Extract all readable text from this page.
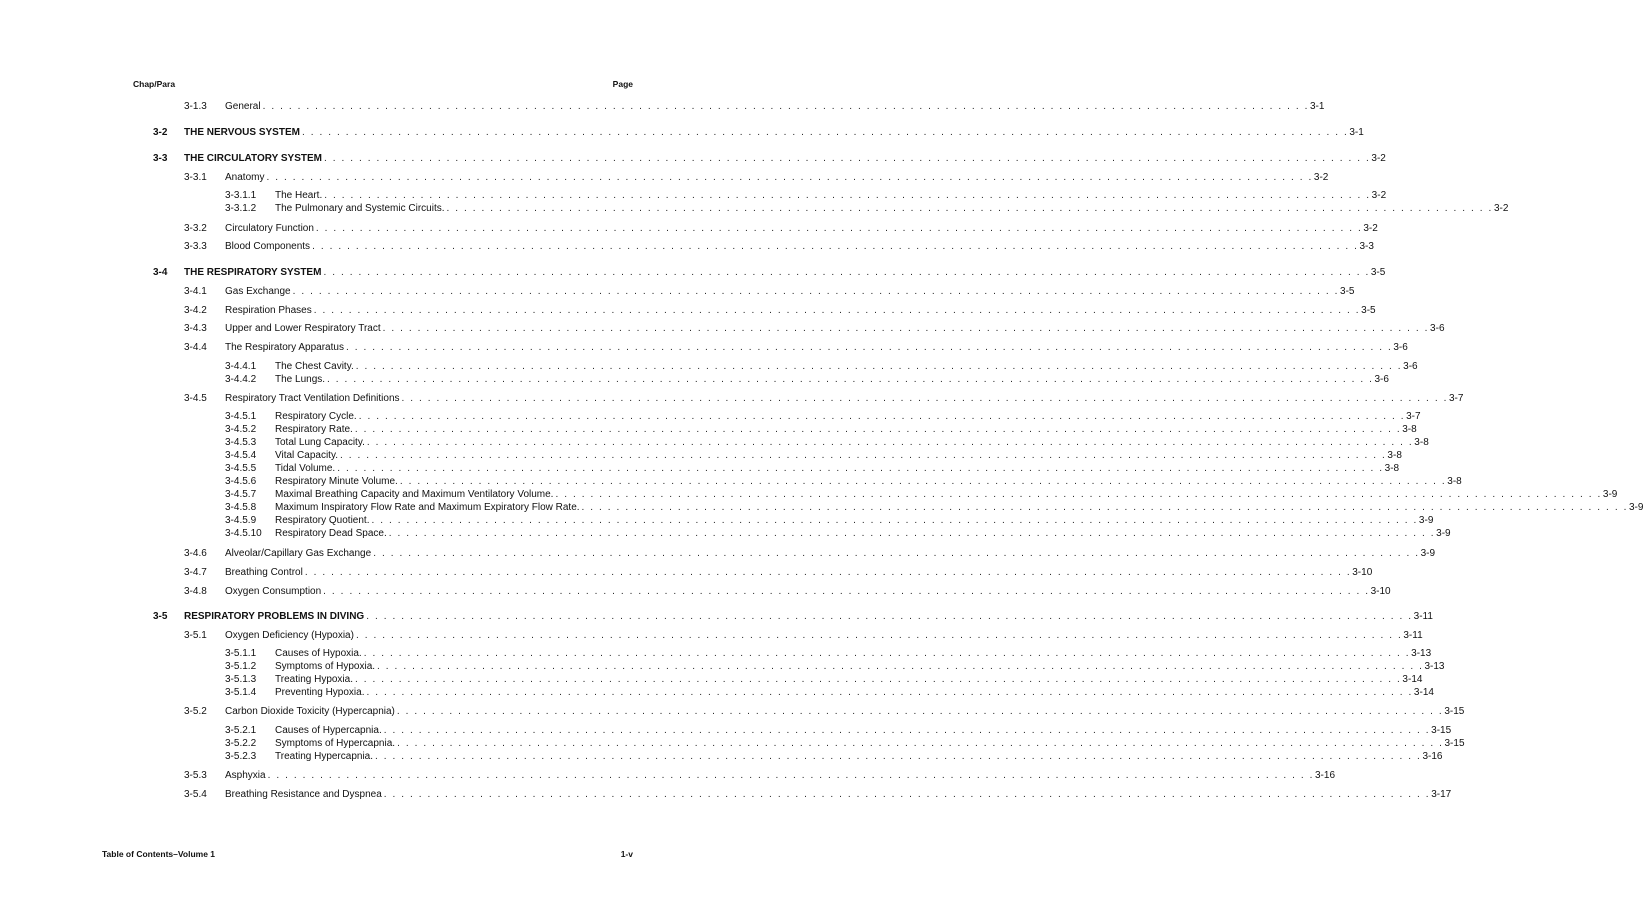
Chap/Para	Page
3-1.3 General . . . . . . . . . . . . . . . . . . . . . . . . . . . . . . . . . . . . . . . . . . . . . . . . . . . . . . . . . . . . . . . . . . . . . . . . . . . . . . . . . . . . . . . . . . . . . . . . . . . . . . . . . . . . . . . . . . . . . . . . 3-1
3-2 THE NERVOUS SYSTEM . . . . . . . . . . . . . . . . . . . . . . . . . . . . . . . . . . . . . . . . . . . . . . . . . . . . . . . . . . . . . . . . . . . . . . . . . . . . . . . . . . . . . . . . . . . . . . . . . . . . . . . . . . . . . . . . . . . . . . . . 3-1
3-3 THE CIRCULATORY SYSTEM . . . . . . . . . . . . . . . . . . . . . . . . . . . . . . . . . . . . . . . . . . . . . . . . . . . . . . . . . . . . . . . . . . . . . . . . . . . . . . . . . . . . . . . . . . . . . . . . . . . . . . . . . . . . . . . . . . . . . . . . 3-2
3-3.1 Anatomy . . . . . . . . . . . . . . . . . . . . . . . . . . . . . . . . . . . . . . . . . . . . . . . . . . . . . . . . . . . . . . . . . . . . . . . . . . . . . . . . . . . . . . . . . . . . . . . . . . . . . . . . . . . . . . . . . . . . . . . . 3-2
3-3.1.1 The Heart. . . . . . . . . . . . . . . . . . . . . . . . . . . . . . . . . . . . . . . . . . . . . . . . . . . . . . . . . . . . . . . . . . . . . . . . . . . . . . . . . . . . . . . . . . . . . . . . . . . . . . . . . . . . . . . . . . . . . . . . . 3-2
3-3.1.2 The Pulmonary and Systemic Circuits. . . . . . . . . . . . . . . . . . . . . . . . . . . . . . . . . . . . . . . . . . . . . . . . . . . . . . . . . . . . . . . . . . . . . . . . . . . . . . . . . . . . . . . . . . . . . . . . . . . . . . . . . . . . . . . . . . . . . . . . . 3-2
3-3.2 Circulatory Function . . . . . . . . . . . . . . . . . . . . . . . . . . . . . . . . . . . . . . . . . . . . . . . . . . . . . . . . . . . . . . . . . . . . . . . . . . . . . . . . . . . . . . . . . . . . . . . . . . . . . . . . . . . . . . . . . . . . . . . . 3-2
3-3.3 Blood Components . . . . . . . . . . . . . . . . . . . . . . . . . . . . . . . . . . . . . . . . . . . . . . . . . . . . . . . . . . . . . . . . . . . . . . . . . . . . . . . . . . . . . . . . . . . . . . . . . . . . . . . . . . . . . . . . . . . . . . . . 3-3
3-4 THE RESPIRATORY SYSTEM . . . . . . . . . . . . . . . . . . . . . . . . . . . . . . . . . . . . . . . . . . . . . . . . . . . . . . . . . . . . . . . . . . . . . . . . . . . . . . . . . . . . . . . . . . . . . . . . . . . . . . . . . . . . . . . . . . . . . . . . 3-5
3-4.1 Gas Exchange . . . . . . . . . . . . . . . . . . . . . . . . . . . . . . . . . . . . . . . . . . . . . . . . . . . . . . . . . . . . . . . . . . . . . . . . . . . . . . . . . . . . . . . . . . . . . . . . . . . . . . . . . . . . . . . . . . . . . . . . 3-5
3-4.2 Respiration Phases . . . . . . . . . . . . . . . . . . . . . . . . . . . . . . . . . . . . . . . . . . . . . . . . . . . . . . . . . . . . . . . . . . . . . . . . . . . . . . . . . . . . . . . . . . . . . . . . . . . . . . . . . . . . . . . . . . . . . . . . 3-5
3-4.3 Upper and Lower Respiratory Tract . . . . . . . . . . . . . . . . . . . . . . . . . . . . . . . . . . . . . . . . . . . . . . . . . . . . . . . . . . . . . . . . . . . . . . . . . . . . . . . . . . . . . . . . . . . . . . . . . . . . . . . . . . . . . . . . . . . . . . . . 3-6
3-4.4 The Respiratory Apparatus . . . . . . . . . . . . . . . . . . . . . . . . . . . . . . . . . . . . . . . . . . . . . . . . . . . . . . . . . . . . . . . . . . . . . . . . . . . . . . . . . . . . . . . . . . . . . . . . . . . . . . . . . . . . . . . . . . . . . . . . 3-6
3-4.4.1 The Chest Cavity. . . . . . . . . . . . . . . . . . . . . . . . . . . . . . . . . . . . . . . . . . . . . . . . . . . . . . . . . . . . . . . . . . . . . . . . . . . . . . . . . . . . . . . . . . . . . . . . . . . . . . . . . . . . . . . . . . . . . . . . . 3-6
3-4.4.2 The Lungs. . . . . . . . . . . . . . . . . . . . . . . . . . . . . . . . . . . . . . . . . . . . . . . . . . . . . . . . . . . . . . . . . . . . . . . . . . . . . . . . . . . . . . . . . . . . . . . . . . . . . . . . . . . . . . . . . . . . . . . . . 3-6
3-4.5 Respiratory Tract Ventilation Definitions . . . . . . . . . . . . . . . . . . . . . . . . . . . . . . . . . . . . . . . . . . . . . . . . . . . . . . . . . . . . . . . . . . . . . . . . . . . . . . . . . . . . . . . . . . . . . . . . . . . . . . . . . . . . . . . . . . . . . . . . 3-7
3-4.5.1 Respiratory Cycle. . . . . . . . . . . . . . . . . . . . . . . . . . . . . . . . . . . . . . . . . . . . . . . . . . . . . . . . . . . . . . . . . . . . . . . . . . . . . . . . . . . . . . . . . . . . . . . . . . . . . . . . . . . . . . . . . . . . . . . . . 3-7
3-4.5.2 Respiratory Rate. . . . . . . . . . . . . . . . . . . . . . . . . . . . . . . . . . . . . . . . . . . . . . . . . . . . . . . . . . . . . . . . . . . . . . . . . . . . . . . . . . . . . . . . . . . . . . . . . . . . . . . . . . . . . . . . . . . . . . . . . 3-8
3-4.5.3 Total Lung Capacity. . . . . . . . . . . . . . . . . . . . . . . . . . . . . . . . . . . . . . . . . . . . . . . . . . . . . . . . . . . . . . . . . . . . . . . . . . . . . . . . . . . . . . . . . . . . . . . . . . . . . . . . . . . . . . . . . . . . . . . . . 3-8
3-4.5.4 Vital Capacity. . . . . . . . . . . . . . . . . . . . . . . . . . . . . . . . . . . . . . . . . . . . . . . . . . . . . . . . . . . . . . . . . . . . . . . . . . . . . . . . . . . . . . . . . . . . . . . . . . . . . . . . . . . . . . . . . . . . . . . . . 3-8
3-4.5.5 Tidal Volume. . . . . . . . . . . . . . . . . . . . . . . . . . . . . . . . . . . . . . . . . . . . . . . . . . . . . . . . . . . . . . . . . . . . . . . . . . . . . . . . . . . . . . . . . . . . . . . . . . . . . . . . . . . . . . . . . . . . . . . . . 3-8
3-4.5.6 Respiratory Minute Volume. . . . . . . . . . . . . . . . . . . . . . . . . . . . . . . . . . . . . . . . . . . . . . . . . . . . . . . . . . . . . . . . . . . . . . . . . . . . . . . . . . . . . . . . . . . . . . . . . . . . . . . . . . . . . . . . . . . . . . . . . 3-8
3-4.5.7 Maximal Breathing Capacity and Maximum Ventilatory Volume. . . . . . . . . . . . . . . . . . . . . . . . . . . . . . . . . . . . . . . . . . . . . . . . . . . . . . . . . . . . . . . . . . . . . . . . . . . . . . . . . . . . . . . . . . . . . . . . . . . . . . . . . . . . . . . . . . . . . . . . . 3-9
3-4.5.8 Maximum Inspiratory Flow Rate and Maximum Expiratory Flow Rate. . . . . . . . . . . . . . . . . . . . . . . . . . . . . . . . . . . . . . . . . . . . . . . . . . . . . . . . . . . . . . . . . . . . . . . . . . . . . . . . . . . . . . . . . . . . . . . . . . . . . . . . . . . . . . . . . . . . . . . . . 3-9
3-4.5.9 Respiratory Quotient. . . . . . . . . . . . . . . . . . . . . . . . . . . . . . . . . . . . . . . . . . . . . . . . . . . . . . . . . . . . . . . . . . . . . . . . . . . . . . . . . . . . . . . . . . . . . . . . . . . . . . . . . . . . . . . . . . . . . . . . . 3-9
3-4.5.10 Respiratory Dead Space. . . . . . . . . . . . . . . . . . . . . . . . . . . . . . . . . . . . . . . . . . . . . . . . . . . . . . . . . . . . . . . . . . . . . . . . . . . . . . . . . . . . . . . . . . . . . . . . . . . . . . . . . . . . . . . . . . . . . . . . . 3-9
3-4.6 Alveolar/Capillary Gas Exchange . . . . . . . . . . . . . . . . . . . . . . . . . . . . . . . . . . . . . . . . . . . . . . . . . . . . . . . . . . . . . . . . . . . . . . . . . . . . . . . . . . . . . . . . . . . . . . . . . . . . . . . . . . . . . . . . . . . . . . . . 3-9
3-4.7 Breathing Control . . . . . . . . . . . . . . . . . . . . . . . . . . . . . . . . . . . . . . . . . . . . . . . . . . . . . . . . . . . . . . . . . . . . . . . . . . . . . . . . . . . . . . . . . . . . . . . . . . . . . . . . . . . . . . . . . . . . . . . . 3-10
3-4.8 Oxygen Consumption . . . . . . . . . . . . . . . . . . . . . . . . . . . . . . . . . . . . . . . . . . . . . . . . . . . . . . . . . . . . . . . . . . . . . . . . . . . . . . . . . . . . . . . . . . . . . . . . . . . . . . . . . . . . . . . . . . . . . . . . 3-10
3-5 RESPIRATORY PROBLEMS IN DIVING . . . . . . . . . . . . . . . . . . . . . . . . . . . . . . . . . . . . . . . . . . . . . . . . . . . . . . . . . . . . . . . . . . . . . . . . . . . . . . . . . . . . . . . . . . . . . . . . . . . . . . . . . . . . . . . . . . . . . . . . 3-11
3-5.1 Oxygen Deficiency (Hypoxia) . . . . . . . . . . . . . . . . . . . . . . . . . . . . . . . . . . . . . . . . . . . . . . . . . . . . . . . . . . . . . . . . . . . . . . . . . . . . . . . . . . . . . . . . . . . . . . . . . . . . . . . . . . . . . . . . . . . . . . . . 3-11
3-5.1.1 Causes of Hypoxia. . . . . . . . . . . . . . . . . . . . . . . . . . . . . . . . . . . . . . . . . . . . . . . . . . . . . . . . . . . . . . . . . . . . . . . . . . . . . . . . . . . . . . . . . . . . . . . . . . . . . . . . . . . . . . . . . . . . . . . . . 3-13
3-5.1.2 Symptoms of Hypoxia. . . . . . . . . . . . . . . . . . . . . . . . . . . . . . . . . . . . . . . . . . . . . . . . . . . . . . . . . . . . . . . . . . . . . . . . . . . . . . . . . . . . . . . . . . . . . . . . . . . . . . . . . . . . . . . . . . . . . . . . . 3-13
3-5.1.3 Treating Hypoxia. . . . . . . . . . . . . . . . . . . . . . . . . . . . . . . . . . . . . . . . . . . . . . . . . . . . . . . . . . . . . . . . . . . . . . . . . . . . . . . . . . . . . . . . . . . . . . . . . . . . . . . . . . . . . . . . . . . . . . . . . 3-14
3-5.1.4 Preventing Hypoxia. . . . . . . . . . . . . . . . . . . . . . . . . . . . . . . . . . . . . . . . . . . . . . . . . . . . . . . . . . . . . . . . . . . . . . . . . . . . . . . . . . . . . . . . . . . . . . . . . . . . . . . . . . . . . . . . . . . . . . . . . 3-14
3-5.2 Carbon Dioxide Toxicity (Hypercapnia) . . . . . . . . . . . . . . . . . . . . . . . . . . . . . . . . . . . . . . . . . . . . . . . . . . . . . . . . . . . . . . . . . . . . . . . . . . . . . . . . . . . . . . . . . . . . . . . . . . . . . . . . . . . . . . . . . . . . . . . . 3-15
3-5.2.1 Causes of Hypercapnia. . . . . . . . . . . . . . . . . . . . . . . . . . . . . . . . . . . . . . . . . . . . . . . . . . . . . . . . . . . . . . . . . . . . . . . . . . . . . . . . . . . . . . . . . . . . . . . . . . . . . . . . . . . . . . . . . . . . . . . . . 3-15
3-5.2.2 Symptoms of Hypercapnia. . . . . . . . . . . . . . . . . . . . . . . . . . . . . . . . . . . . . . . . . . . . . . . . . . . . . . . . . . . . . . . . . . . . . . . . . . . . . . . . . . . . . . . . . . . . . . . . . . . . . . . . . . . . . . . . . . . . . . . . . 3-15
3-5.2.3 Treating Hypercapnia. . . . . . . . . . . . . . . . . . . . . . . . . . . . . . . . . . . . . . . . . . . . . . . . . . . . . . . . . . . . . . . . . . . . . . . . . . . . . . . . . . . . . . . . . . . . . . . . . . . . . . . . . . . . . . . . . . . . . . . . . 3-16
3-5.3 Asphyxia . . . . . . . . . . . . . . . . . . . . . . . . . . . . . . . . . . . . . . . . . . . . . . . . . . . . . . . . . . . . . . . . . . . . . . . . . . . . . . . . . . . . . . . . . . . . . . . . . . . . . . . . . . . . . . . . . . . . . . . . 3-16
3-5.4 Breathing Resistance and Dyspnea . . . . . . . . . . . . . . . . . . . . . . . . . . . . . . . . . . . . . . . . . . . . . . . . . . . . . . . . . . . . . . . . . . . . . . . . . . . . . . . . . . . . . . . . . . . . . . . . . . . . . . . . . . . . . . . . . . . . . . . . 3-17
Table of Contents–Volume 1	1-v
